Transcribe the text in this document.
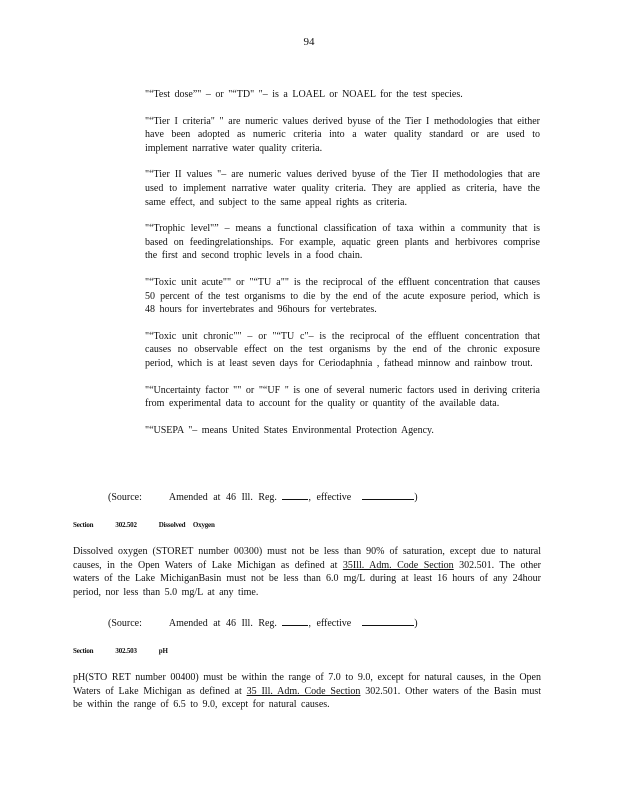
94

"“Test dose”" – or "“TD" "– is a LOAEL or NOAEL for the test species.

"“Tier I criteria" " are numeric values derived byuse of the Tier I methodologies that either have been adopted as numeric criteria into a water quality standard or are used to implement narrative water quality criteria.

"“Tier II values "– are numeric values derived byuse of the Tier II methodologies that are used to implement narrative water quality criteria. They are applied as criteria, have the same effect, and subject to the same appeal rights as criteria.

"“Trophic level"” – means a functional classification of taxa within a community that is based on feedingrelationships. For example, aquatic green plants and herbivores comprise the first and second trophic levels in a food chain.

"“Toxic unit acute"" or "“TU a"" is the reciprocal of the effluent concentration that causes 50 percent of the test organisms to die by the end of the acute exposure period, which is 48 hours for invertebrates and 96hours for vertebrates.

"“Toxic unit chronic"" – or "“TU c"– is the reciprocal of the effluent concentration that causes no observable effect on the test organisms by the end of the chronic exposure period, which is at least seven days for Ceriodaphnia , fathead minnow and rainbow trout.

"“Uncertainty factor "" or "“UF " is one of several numeric factors used in deriving criteria from experimental data to account for the quality or quantity of the available data.

"“USEPA "– means United States Environmental Protection Agency.

(Source:	Amended at 46 Ill. Reg.	, effective	)
Section	302.502	Dissolved Oxygen
Dissolved oxygen (STORET number 00300) must not be less than 90% of saturation, except due to natural causes, in the Open Waters of Lake Michigan as defined at 35Ill. Adm. Code Section 302.501. The other waters of the Lake MichiganBasin must not be less than 6.0 mg/L during at least 16 hours of any 24hour period, nor less than 5.0 mg/L at any time.
(Source:	Amended at 46 Ill. Reg.	, effective	)
Section	302.503	pH
pH(STO RET number 00400) must be within the range of 7.0 to 9.0, except for natural causes, in the Open Waters of Lake Michigan as defined at 35 Ill. Adm. Code Section 302.501. Other waters of the Basin must be within the range of 6.5 to 9.0, except for natural causes.
